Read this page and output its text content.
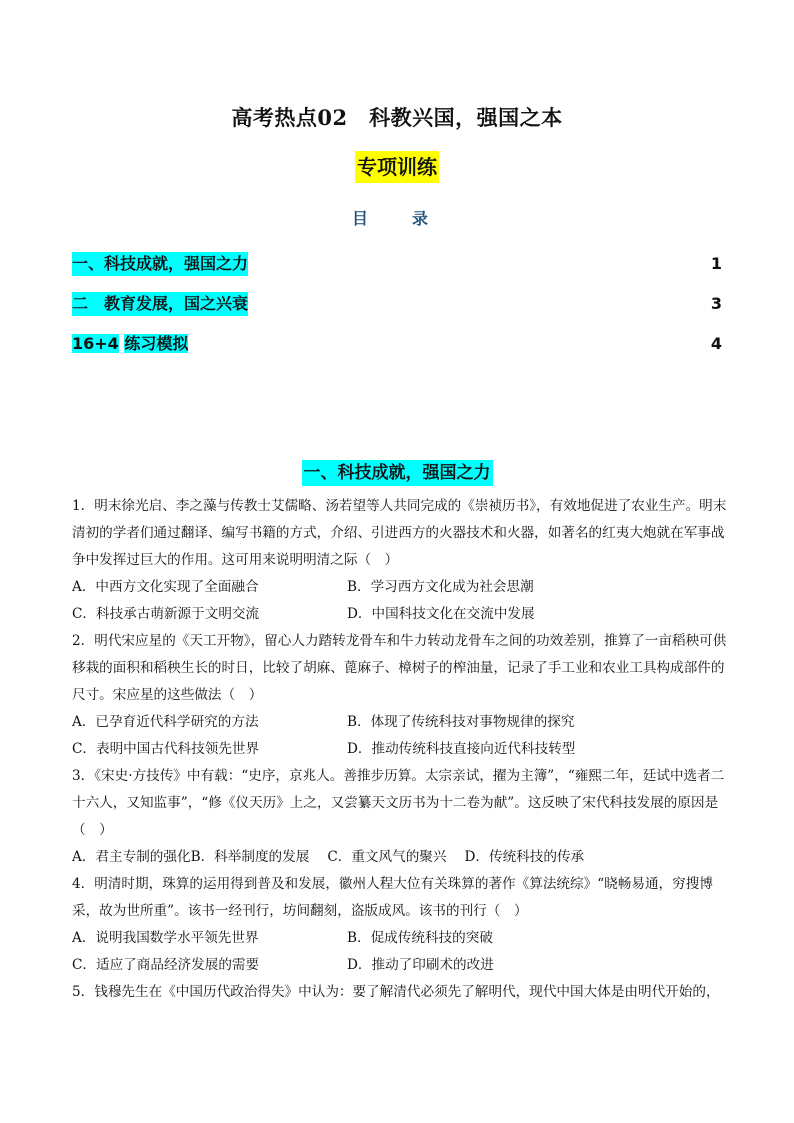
高考热点02　科教兴国，强国之本
专项训练
目　录
一、科技成就，强国之力	1
二　教育发展，国之兴衰	3
16+4 练习模拟	4
一、科技成就，强国之力

1．明末徐光启、李之藻与传教士艾儒略、汤若望等人共同完成的《崇祯历书》，有效地促进了农业生产。明末清初的学者们通过翻译、编写书籍的方式，介绍、引进西方的火器技术和火器，如著名的红夷大炮就在军事战争中发挥过巨大的作用。这可用来说明明清之际（　）

A．中西方文化实现了全面融合	B．学习西方文化成为社会思潮
C．科技承古萌新源于文明交流	D．中国科技文化在交流中发展

2．明代宋应星的《天工开物》，留心人力踏转龙骨车和牛力转动龙骨车之间的功效差别，推算了一亩稻秧可供移栽的面积和稻秧生长的时日，比较了胡麻、蓖麻子、樟树子的榨油量，记录了手工业和农业工具构成部件的尺寸。宋应星的这些做法（　）

A．已孕育近代科学研究的方法	B．体现了传统科技对事物规律的探究
C．表明中国古代科技领先世界	D．推动传统科技直接向近代科技转型

3．《宋史·方技传》中有载：“史序，京兆人。善推步历算。太宗亲试，擢为主簿”，“雍熙二年，廷试中选者二十六人，又知监事”，“修《仪天历》上之，又尝纂天文历书为十二卷为献”。这反映了宋代科技发展的原因是（　）

A．君主专制的强化 B．科举制度的发展 C．重文风气的聚兴 D．传统科技的传承

4．明清时期，珠算的运用得到普及和发展，徽州人程大位有关珠算的著作《算法统综》“晓畅易通，穷搜博采，故为世所重”。该书一经刊行，坊间翻刻，盗版成风。该书的刊行（　）

A．说明我国数学水平领先世界	B．促成传统科技的突破
C．适应了商品经济发展的需要	D．推动了印刷术的改进

5．钱穆先生在《中国历代政治得失》中认为：要了解清代必须先了解明代，现代中国大体是由明代开始的，
